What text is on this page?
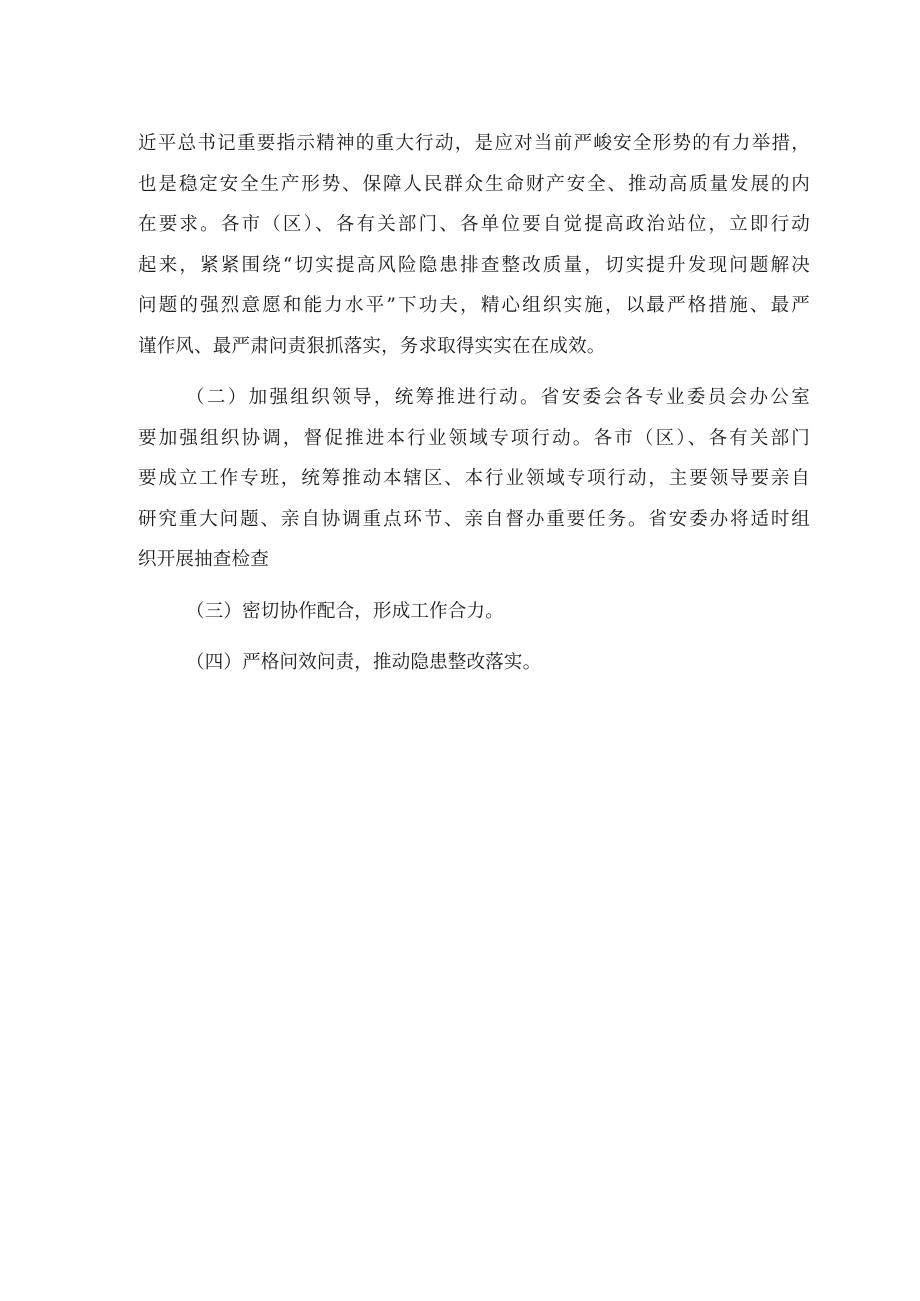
近平总书记重要指示精神的重大行动，是应对当前严峻安全形势的有力举措，
也是稳定安全生产形势、保障人民群众生命财产安全、推动高质量发展的内
在要求。各市（区）、各有关部门、各单位要自觉提高政治站位，立即行动
起来，紧紧围绕“切实提高风险隐患排查整改质量，切实提升发现问题解决
问题的强烈意愿和能力水平”下功夫，精心组织实施，以最严格措施、最严
谨作风、最严肃问责狠抓落实，务求取得实实在在成效。
（二）加强组织领导，统筹推进行动。省安委会各专业委员会办公室
要加强组织协调，督促推进本行业领域专项行动。各市（区）、各有关部门
要成立工作专班，统筹推动本辖区、本行业领域专项行动，主要领导要亲自
研究重大问题、亲自协调重点环节、亲自督办重要任务。省安委办将适时组
织开展抽查检查
（三）密切协作配合，形成工作合力。
（四）严格问效问责，推动隐患整改落实。
